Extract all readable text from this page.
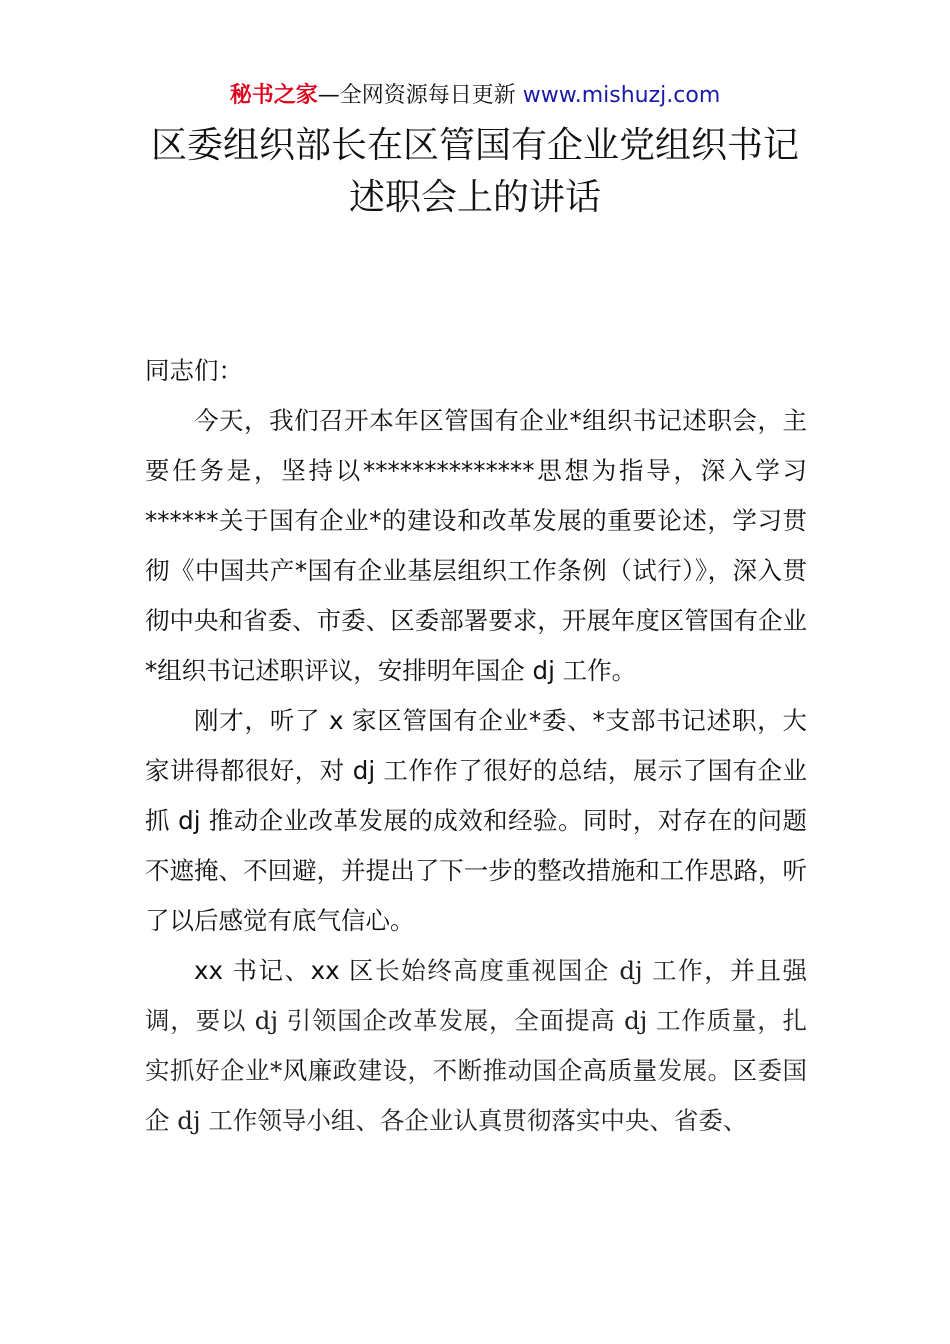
秘书之家—全网资源每日更新 www.mishuzj.com
区委组织部长在区管国有企业党组织书记
述职会上的讲话

同志们：

今天，我们召开本年区管国有企业*组织书记述职会，主要任务是，坚持以**************思想为指导，深入学习******关于国有企业*的建设和改革发展的重要论述，学习贯彻《中国共产*国有企业基层组织工作条例（试行）》，深入贯彻中央和省委、市委、区委部署要求，开展年度区管国有企业*组织书记述职评议，安排明年国企 dj 工作。

刚才，听了 x 家区管国有企业*委、*支部书记述职，大家讲得都很好，对 dj 工作作了很好的总结，展示了国有企业抓 dj 推动企业改革发展的成效和经验。同时，对存在的问题不遮掩、不回避，并提出了下一步的整改措施和工作思路，听了以后感觉有底气信心。

xx 书记、xx 区长始终高度重视国企 dj 工作，并且强调，要以 dj 引领国企改革发展，全面提高 dj 工作质量，扎实抓好企业*风廉政建设，不断推动国企高质量发展。区委国企 dj 工作领导小组、各企业认真贯彻落实中央、省委、
